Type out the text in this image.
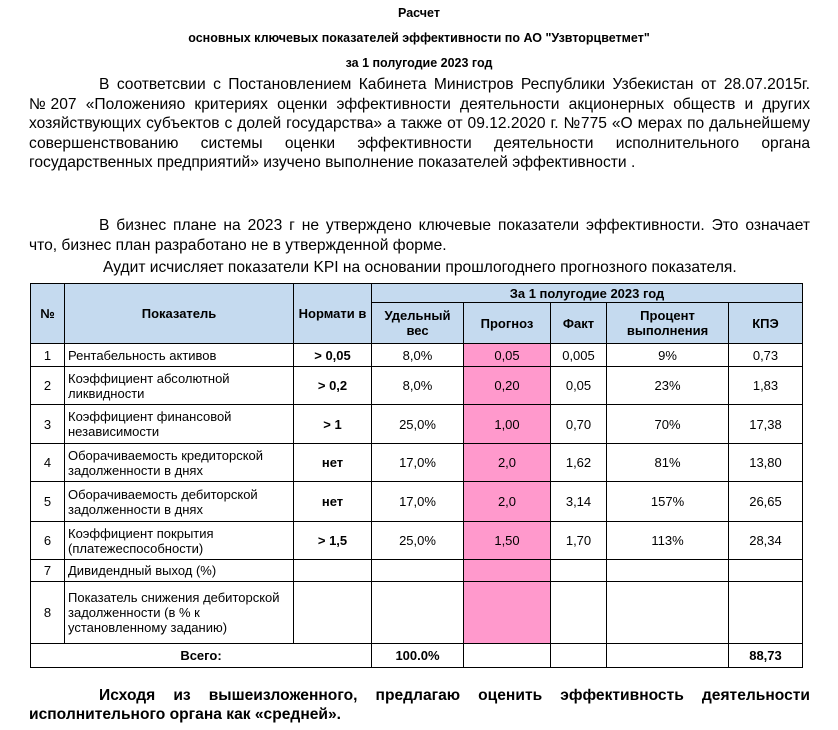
Расчет
основных ключевых показателей эффективности по АО "Узвторцветмет"
за 1 полугодие 2023 год

В соответсвии с Постановлением Кабинета Министров Республики Узбекистан от 28.07.2015г. №207 «Положенияо критериях оценки эффективности деятельности акционерных обществ и других хозяйствующих субъектов с долей государства» а также от 09.12.2020 г. №775 «О мерах по дальнейшему совершенствованию системы оценки эффективности деятельности исполнительного органа государственных предприятий» изучено выполнение показателей эффективности .

В бизнес плане на 2023 г не утверждено ключевые показатели эффективности. Это означает что, бизнес план разработано не в утвержденной форме.

Аудит исчисляет показатели KPI на основании прошлогоднего прогнозного показателя.

№	Показатель	Нормати в	За 1 полугодие 2023 год				
			Удельный вес	Прогноз	Факт	Процент выполнения	КПЭ
1	Рентабельность активов	> 0,05	8,0%	0,05	0,005	9%	0,73
2	Коэффициент абсолютной ликвидности	> 0,2	8,0%	0,20	0,05	23%	1,83
3	Коэффициент финансовой независимости	> 1	25,0%	1,00	0,70	70%	17,38
4	Оборачиваемость кредиторской задолженности в днях	нет	17,0%	2,0	1,62	81%	13,80
5	Оборачиваемость дебиторской задолженности в днях	нет	17,0%	2,0	3,14	157%	26,65
6	Коэффициент покрытия (платежеспособности)	> 1,5	25,0%	1,50	1,70	113%	28,34
7	Дивидендный выход (%)						
8	Показатель снижения дебиторской задолженности (в % к установленному заданию)						
Всего:			100.0%				88,73

Исходя из вышеизложенного, предлагаю оценить эффективность деятельности исполнительного органа как «средней».
